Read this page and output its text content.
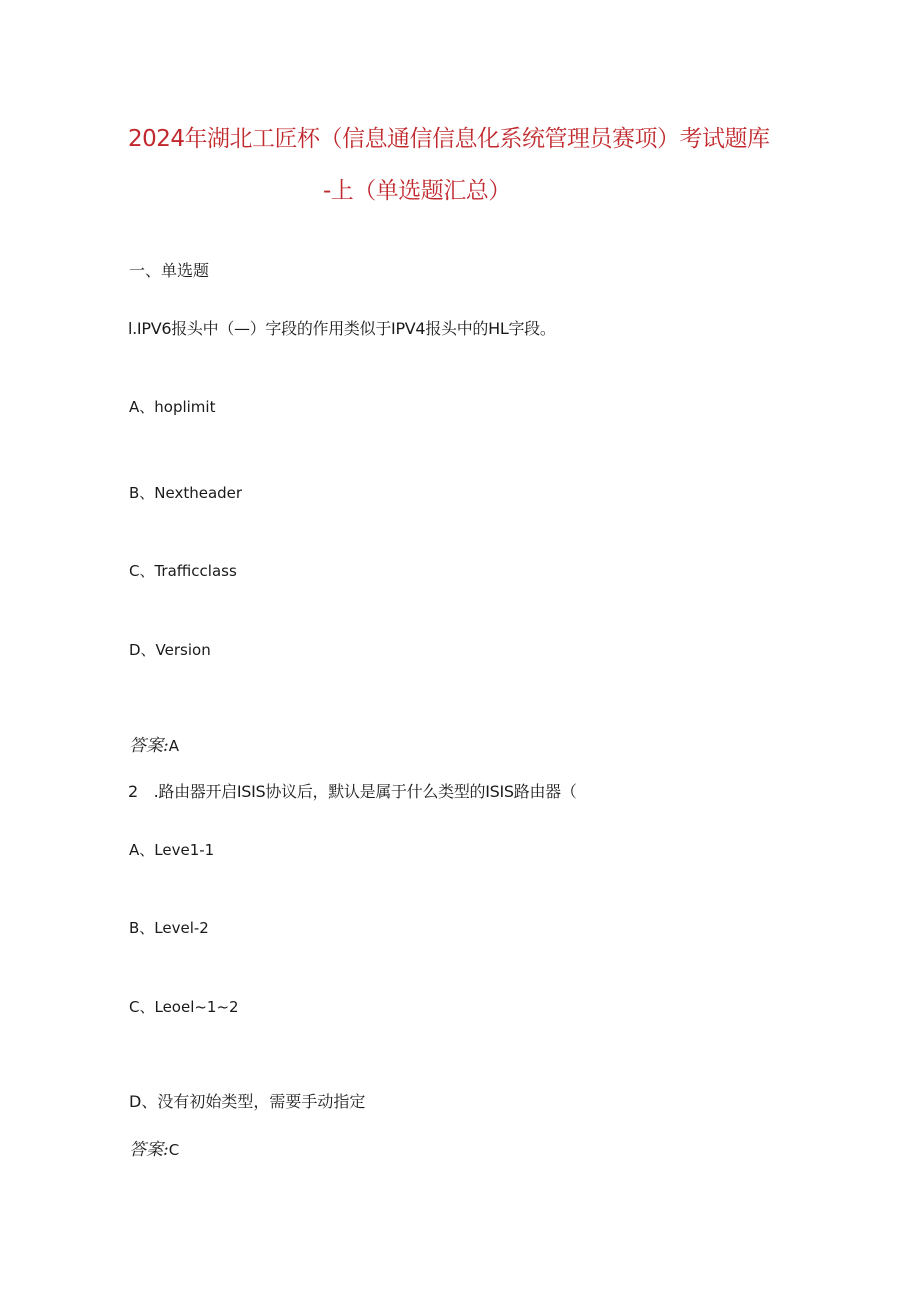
2024年湖北工匠杯（信息通信信息化系统管理员赛项）考试题库
-上（单选题汇总）
一、单选题
l.IPV6报头中（—）字段的作用类似于IPV4报头中的HL字段。
A、hoplimit
B、Nextheader
C、Trafficclass
D、Version
答案:A
2　.路由器开启ISIS协议后，默认是属于什么类型的ISIS路由器（
A、Leve1-1
B、Level-2
C、Leoel~1~2
D、没有初始类型，需要手动指定
答案:C
